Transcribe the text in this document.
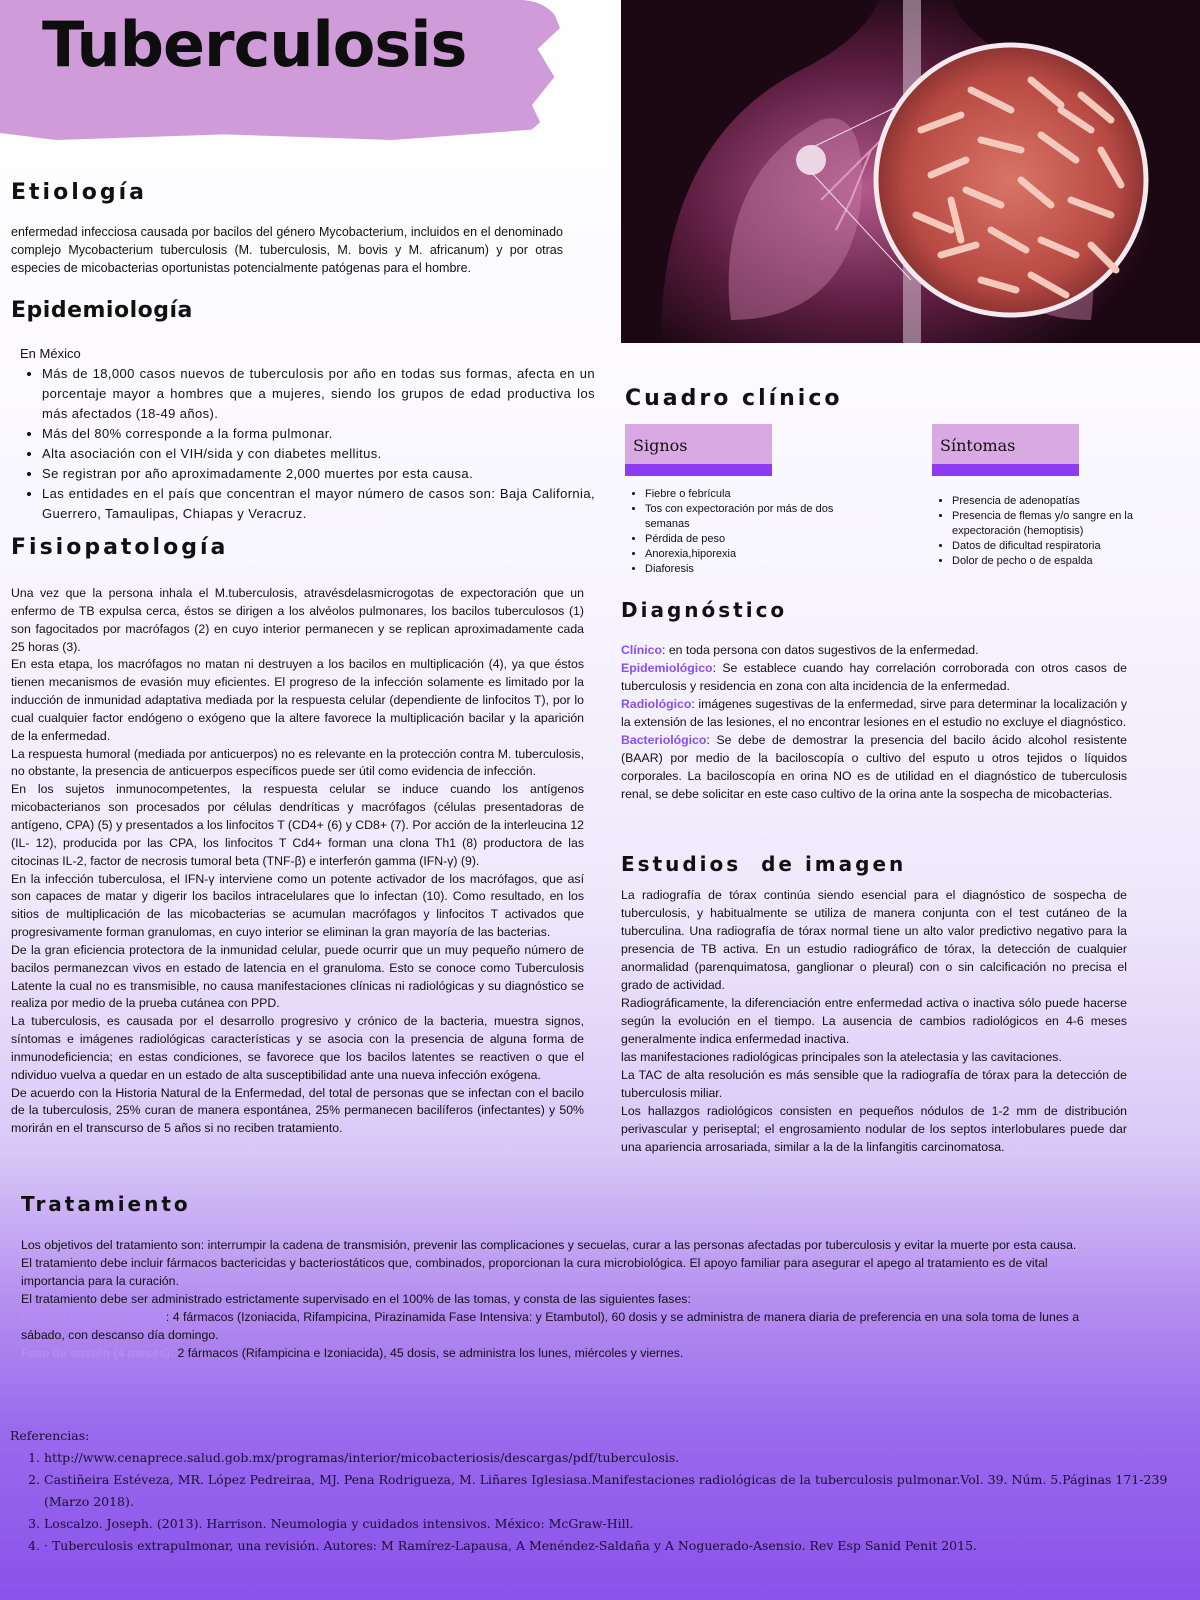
Tuberculosis
Etiología
enfermedad infecciosa causada por bacilos del género Mycobacterium, incluidos en el denominado complejo Mycobacterium tuberculosis (M. tuberculosis, M. bovis y M. africanum) y por otras especies de micobacterias oportunistas potencialmente patógenas para el hombre.
Epidemiología

En México

• Más de 18,000 casos nuevos de tuberculosis por año en todas sus formas, afecta en un porcentaje mayor a hombres que a mujeres, siendo los grupos de edad productiva los más afectados (18-49 años).
• Más del 80% corresponde a la forma pulmonar.
• Alta asociación con el VIH/sida y con diabetes mellitus.
• Se registran por año aproximadamente 2,000 muertes por esta causa.
• Las entidades en el país que concentran el mayor número de casos son: Baja California, Guerrero, Tamaulipas, Chiapas y Veracruz.
Fisiopatología

Una vez que la persona inhala el M.tuberculosis, atravésdelasmicrogotas de expectoración que un enfermo de TB expulsa cerca, éstos se dirigen a los alvéolos pulmonares, los bacilos tuberculosos (1) son fagocitados por macrófagos (2) en cuyo interior permanecen y se replican aproximadamente cada 25 horas (3).

En esta etapa, los macrófagos no matan ni destruyen a los bacilos en multiplicación (4), ya que éstos tienen mecanismos de evasión muy eficientes. El progreso de la infección solamente es limitado por la inducción de inmunidad adaptativa mediada por la respuesta celular (dependiente de linfocitos T), por lo cual cualquier factor endógeno o exógeno que la altere favorece la multiplicación bacilar y la aparición de la enfermedad.

La respuesta humoral (mediada por anticuerpos) no es relevante en la protección contra M. tuberculosis, no obstante, la presencia de anticuerpos específicos puede ser útil como evidencia de infección.

En los sujetos inmunocompetentes, la respuesta celular se induce cuando los antígenos micobacterianos son procesados por células dendríticas y macrófagos (células presentadoras de antígeno, CPA) (5) y presentados a los linfocitos T (CD4+ (6) y CD8+ (7). Por acción de la interleucina 12 (IL- 12), producida por las CPA, los linfocitos T Cd4+ forman una clona Th1 (8) productora de las citocinas IL-2, factor de necrosis tumoral beta (TNF-β) e interferón gamma (IFN-γ) (9).

En la infección tuberculosa, el IFN-γ interviene como un potente activador de los macrófagos, que así son capaces de matar y digerir los bacilos intracelulares que lo infectan (10). Como resultado, en los sitios de multiplicación de las micobacterias se acumulan macrófagos y linfocitos T activados que progresivamente forman granulomas, en cuyo interior se eliminan la gran mayoría de las bacterias.

De la gran eficiencia protectora de la inmunidad celular, puede ocurrir que un muy pequeño número de bacilos permanezcan vivos en estado de latencia en el granuloma. Esto se conoce como Tuberculosis Latente la cual no es transmisible, no causa manifestaciones clínicas ni radiológicas y su diagnóstico se realiza por medio de la prueba cutánea con PPD.

La tuberculosis, es causada por el desarrollo progresivo y crónico de la bacteria, muestra signos, síntomas e imágenes radiológicas características y se asocia con la presencia de alguna forma de inmunodeficiencia; en estas condiciones, se favorece que los bacilos latentes se reactiven o que el ndividuo vuelva a quedar en un estado de alta susceptibilidad ante una nueva infección exógena.

De acuerdo con la Historia Natural de la Enfermedad, del total de personas que se infectan con el bacilo de la tuberculosis, 25% curan de manera espontánea, 25% permanecen bacilíferos (infectantes) y 50% morirán en el transcurso de 5 años si no reciben tratamiento.

Cuadro clínico
Signos	Síntomas
• Fiebre o febrícula
• Tos con expectoración por más de dos semanas
• Pérdida de peso
• Anorexia,hiporexia
• Diaforesis
• Presencia de adenopatías
• Presencia de flemas y/o sangre en la expectoración (hemoptisis)
• Datos de dificultad respiratoria
• Dolor de pecho o de espalda
Diagnóstico

Clínico: en toda persona con datos sugestivos de la enfermedad.

Epidemiológico: Se establece cuando hay correlación corroborada con otros casos de tuberculosis y residencia en zona con alta incidencia de la enfermedad.

Radiológico: imágenes sugestivas de la enfermedad, sirve para determinar la localización y la extensión de las lesiones, el no encontrar lesiones en el estudio no excluye el diagnóstico.

Bacteriológico: Se debe de demostrar la presencia del bacilo ácido alcohol resistente (BAAR) por medio de la baciloscopía o cultivo del esputo u otros tejidos o líquidos corporales. La baciloscopía en orina NO es de utilidad en el diagnóstico de tuberculosis renal, se debe solicitar en este caso cultivo de la orina ante la sospecha de micobacterias.

Estudios  de imagen

La radiografía de tórax continúa siendo esencial para el diagnóstico de sospecha de tuberculosis, y habitualmente se utiliza de manera conjunta con el test cutáneo de la tuberculina. Una radiografía de tórax normal tiene un alto valor predictivo negativo para la presencia de TB activa. En un estudio radiográfico de tórax, la detección de cualquier anormalidad (parenquimatosa, ganglionar o pleural) con o sin calcificación no precisa el grado de actividad.

Radiográficamente, la diferenciación entre enfermedad activa o inactiva sólo puede hacerse según la evolución en el tiempo. La ausencia de cambios radiológicos en 4-6 meses generalmente indica enfermedad inactiva.

las manifestaciones radiológicas principales son la atelectasia y las cavitaciones.

La TAC de alta resolución es más sensible que la radiografía de tórax para la detección de tuberculosis miliar.

Los hallazgos radiológicos consisten en pequeños nódulos de 1-2 mm de distribución perivascular y periseptal; el engrosamiento nodular de los septos interlobulares puede dar una apariencia arrosariada, similar a la de la linfangitis carcinomatosa.

Tratamiento

Los objetivos del tratamiento son: interrumpir la cadena de transmisión, prevenir las complicaciones y secuelas, curar a las personas afectadas por tuberculosis y evitar la muerte por esta causa.

El tratamiento debe incluir fármacos bactericidas y bacteriostáticos que, combinados, proporcionan la cura microbiológica. El apoyo familiar para asegurar el apego al tratamiento es de vital importancia para la curación.

El tratamiento debe ser administrado estrictamente supervisado en el 100% de las tomas, y consta de las siguientes fases:

Fase intensiva (2 meses): 4 fármacos (Izoniacida, Rifampicina, Pirazinamida Fase Intensiva: y Etambutol), 60 dosis y se administra de manera diaria de preferencia en una sola toma de lunes a sábado, con descanso día domingo.

Fase de sostén (4 meses): 2 fármacos (Rifampicina e Izoniacida), 45 dosis, se administra los lunes, miércoles y viernes.

Referencias:
1. http://www.cenaprece.salud.gob.mx/programas/interior/micobacteriosis/descargas/pdf/tuberculosis.
2. Castiñeira Estéveza, MR. López Pedreiraa, MJ. Pena Rodrigueza, M. Liñares Iglesiasa.Manifestaciones radiológicas de la tuberculosis pulmonar.Vol. 39. Núm. 5.Páginas 171-239 (Marzo 2018).
3. Loscalzo. Joseph. (2013). Harrison. Neumologia y cuidados intensivos. México: McGraw-Hill.
4. · Tuberculosis extrapulmonar, una revisión. Autores: M Ramírez-Lapausa, A Menéndez-Saldaña y A Noguerado-Asensio. Rev Esp Sanid Penit 2015.
